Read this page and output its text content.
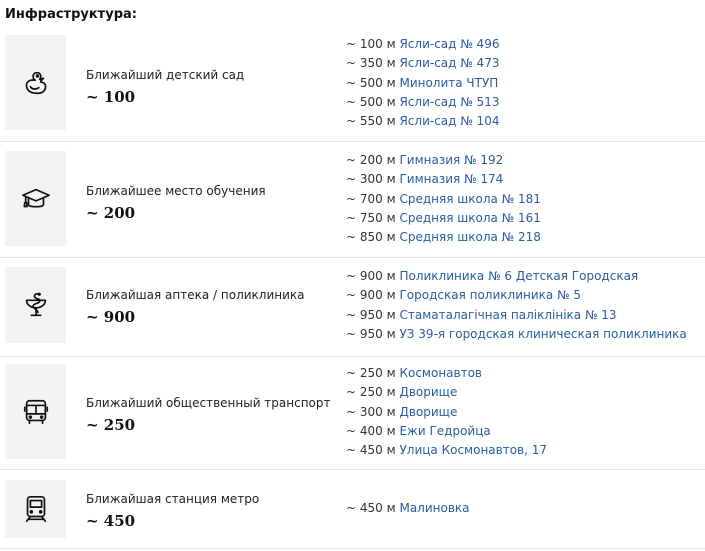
Инфраструктура:
Ближайший детский сад
~ 100
~ 100 м Ясли-сад № 496
~ 350 м Ясли-сад № 473
~ 500 м Минолита ЧТУП
~ 500 м Ясли-сад № 513
~ 550 м Ясли-сад № 104
Ближайшее место обучения
~ 200
~ 200 м Гимназия № 192
~ 300 м Гимназия № 174
~ 700 м Средняя школа № 181
~ 750 м Средняя школа № 161
~ 850 м Средняя школа № 218
Ближайшая аптека / поликлиника
~ 900
~ 900 м Поликлиника № 6 Детская Городская
~ 900 м Городская поликлиника № 5
~ 950 м Стаматалагічная паліклініка № 13
~ 950 м УЗ 39-я городская клиническая поликлиника
Ближайший общественный транспорт
~ 250
~ 250 м Космонавтов
~ 250 м Дворище
~ 300 м Дворище
~ 400 м Ежи Гедройца
~ 450 м Улица Космонавтов, 17
Ближайшая станция метро
~ 450
~ 450 м Малиновка
